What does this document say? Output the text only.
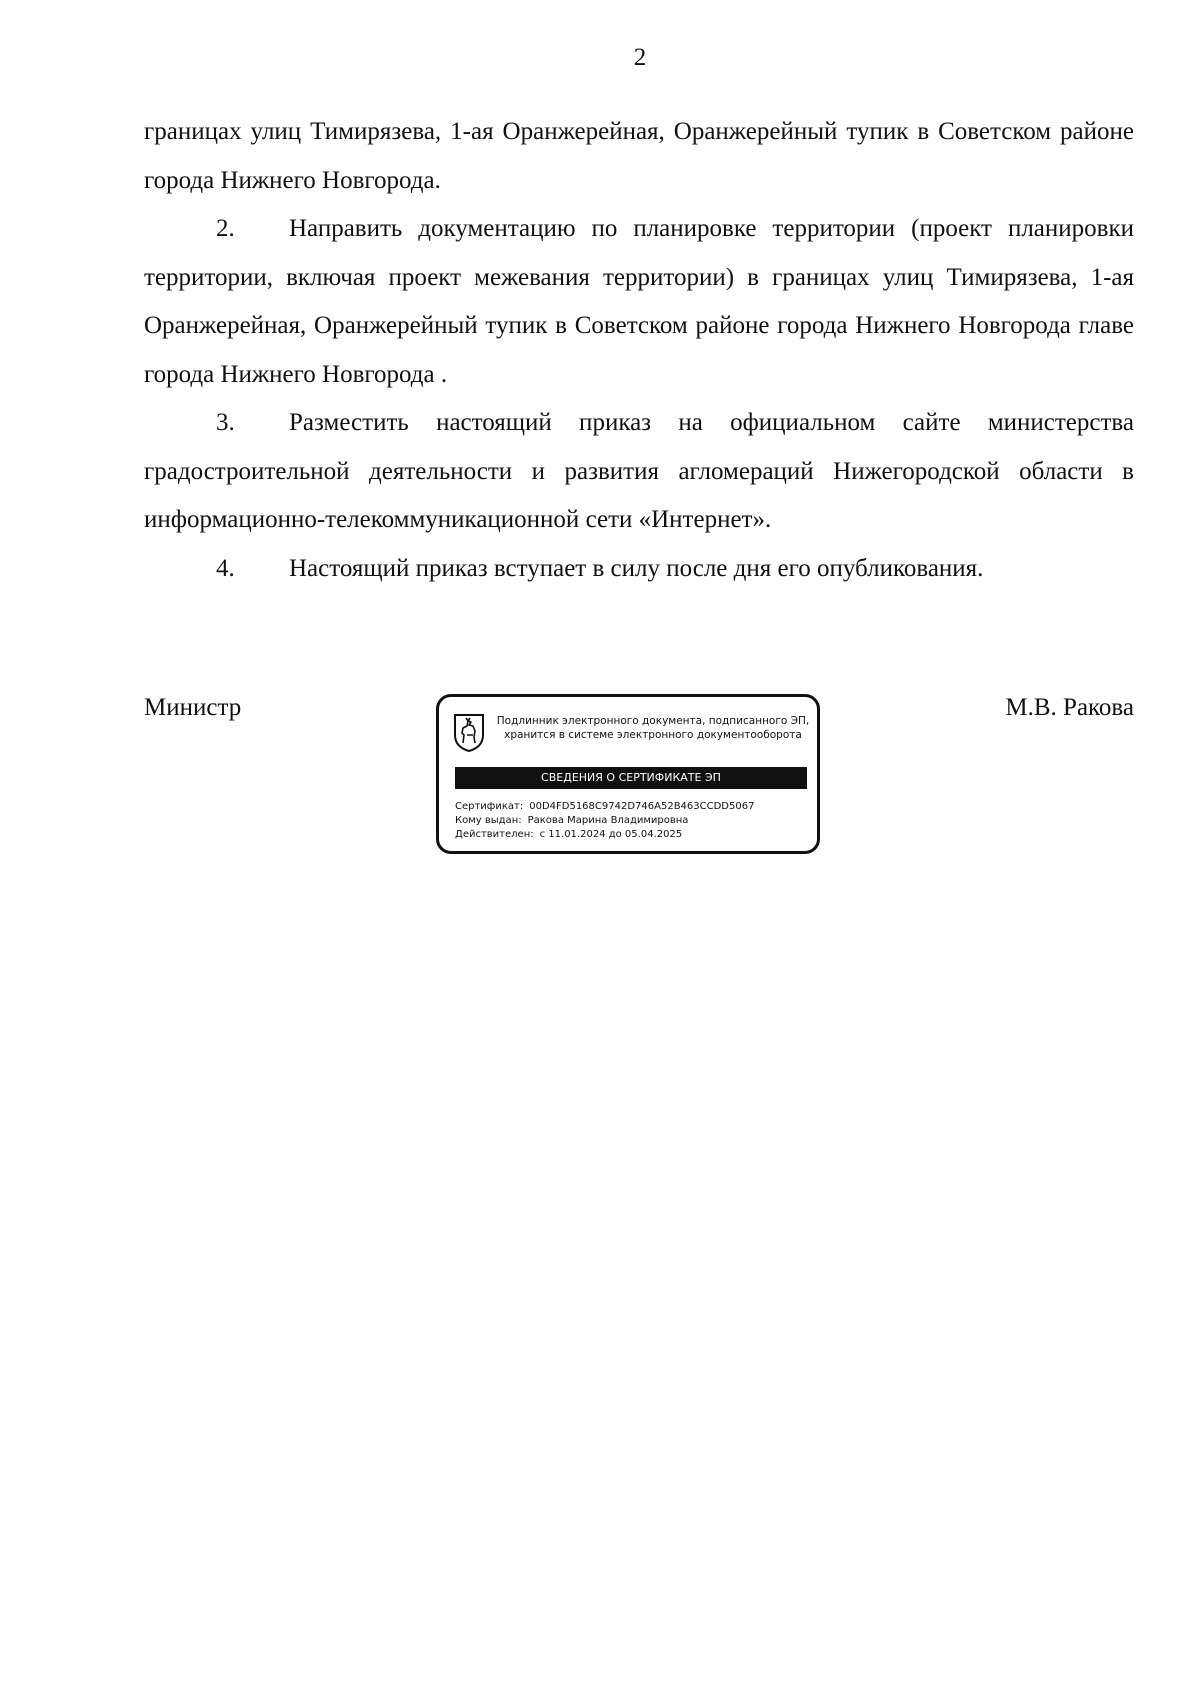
2

границах улиц Тимирязева, 1-ая Оранжерейная, Оранжерейный тупик в Советском районе города Нижнего Новгорода.

2. Направить документацию по планировке территории (проект планировки территории, включая проект межевания территории) в границах улиц Тимирязева, 1-ая Оранжерейная, Оранжерейный тупик в Советском районе города Нижнего Новгорода главе города Нижнего Новгорода .

3. Разместить настоящий приказ на официальном сайте министерства градостроительной деятельности и развития агломераций Нижегородской области в информационно-телекоммуникационной сети «Интернет».

4. Настоящий приказ вступает в силу после дня его опубликования.

Министр	М.В. Ракова
Подлинник электронного документа, подписанного ЭП,
хранится в системе электронного документооборота
СВЕДЕНИЯ О СЕРТИФИКАТЕ ЭП
Сертификат: 00D4FD5168C9742D746A52B463CCDD5067
Кому выдан: Ракова Марина Владимировна
Действителен: с 11.01.2024 до 05.04.2025
